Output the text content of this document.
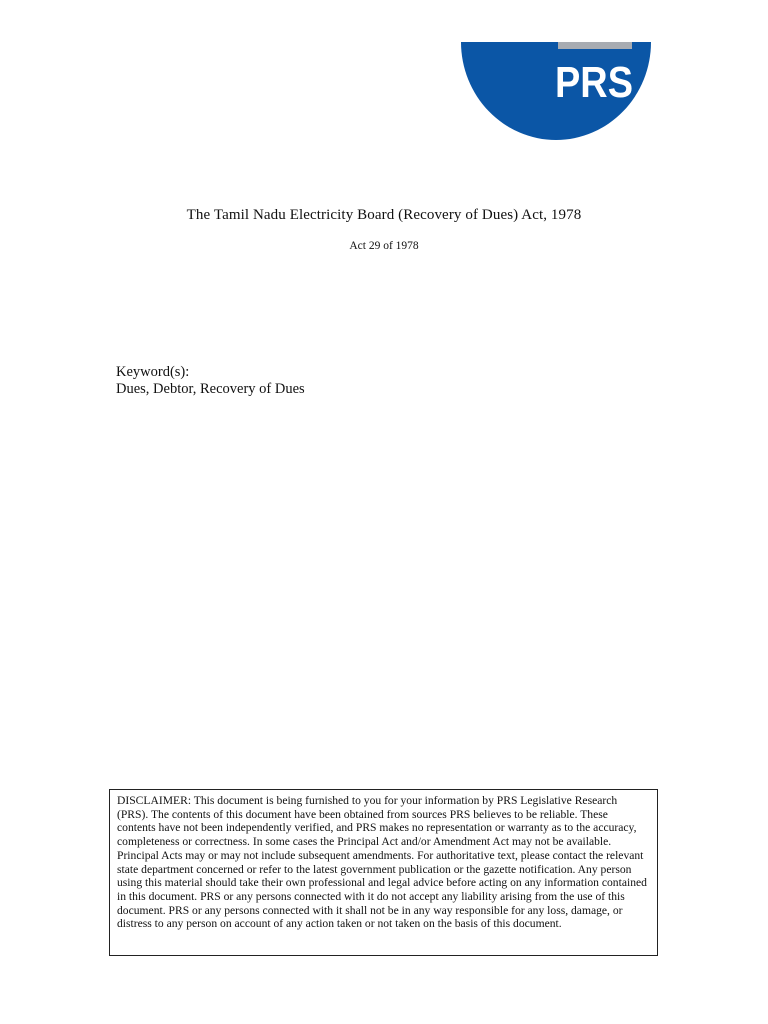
PRS
The Tamil Nadu Electricity Board (Recovery of Dues) Act, 1978
Act 29 of 1978
Keyword(s):
Dues, Debtor, Recovery of Dues
DISCLAIMER: This document is being furnished to you for your information by PRS Legislative Research (PRS). The contents of this document have been obtained from sources PRS believes to be reliable. These contents have not been independently verified, and PRS makes no representation or warranty as to the accuracy, completeness or correctness. In some cases the Principal Act and/or Amendment Act may not be available. Principal Acts may or may not include subsequent amendments. For authoritative text, please contact the relevant state department concerned or refer to the latest government publication or the gazette notification. Any person using this material should take their own professional and legal advice before acting on any information contained in this document. PRS or any persons connected with it do not accept any liability arising from the use of this document. PRS or any persons connected with it shall not be in any way responsible for any loss, damage, or distress to any person on account of any action taken or not taken on the basis of this document.
